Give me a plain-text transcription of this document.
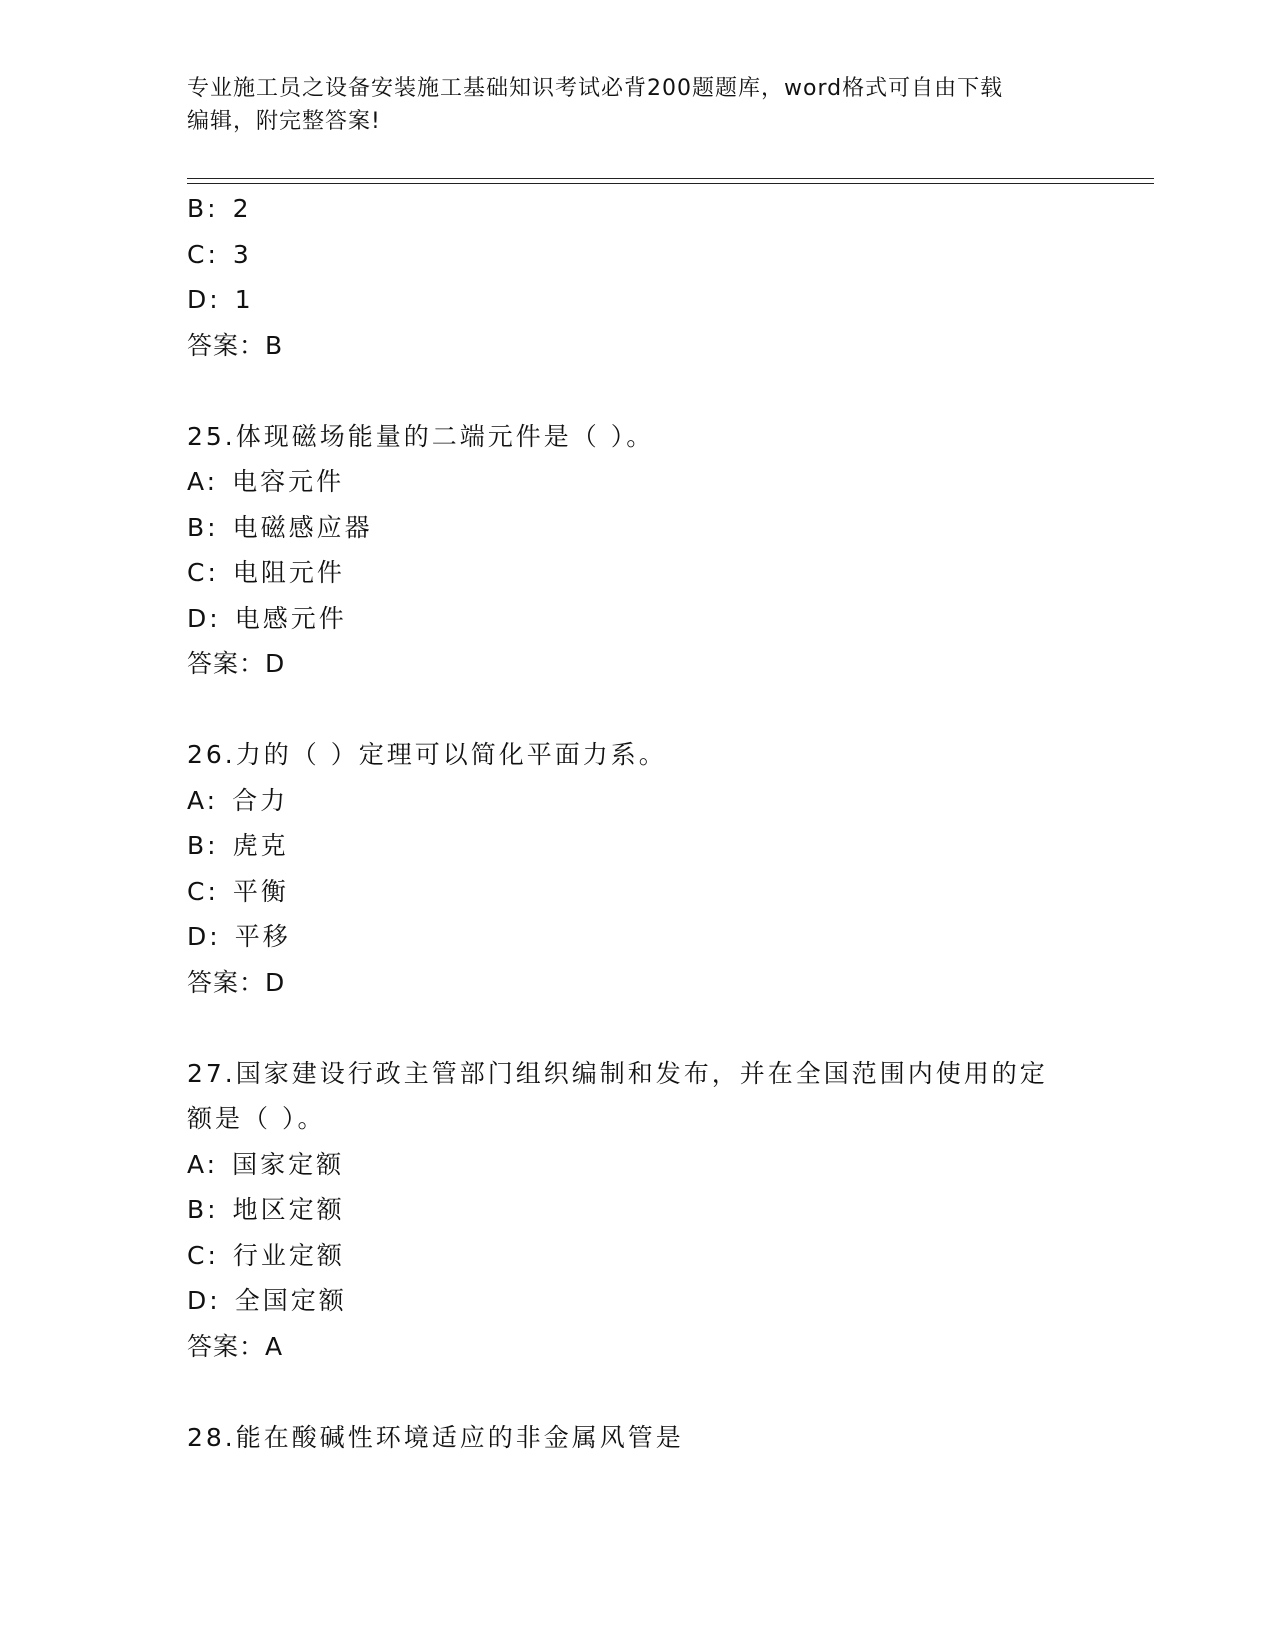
专业施工员之设备安装施工基础知识考试必背200题题库，word格式可自由下载
编辑，附完整答案!
B: 2
C: 3
D: 1
答案：B
25.体现磁场能量的二端元件是（ ）。
A: 电容元件
B: 电磁感应器
C: 电阻元件
D: 电感元件
答案：D
26.力的（ ）定理可以简化平面力系。
A: 合力
B: 虎克
C: 平衡
D: 平移
答案：D
27.国家建设行政主管部门组织编制和发布，并在全国范围内使用的定
额是（ ）。
A: 国家定额
B: 地区定额
C: 行业定额
D: 全国定额
答案：A
28.能在酸碱性环境适应的非金属风管是
